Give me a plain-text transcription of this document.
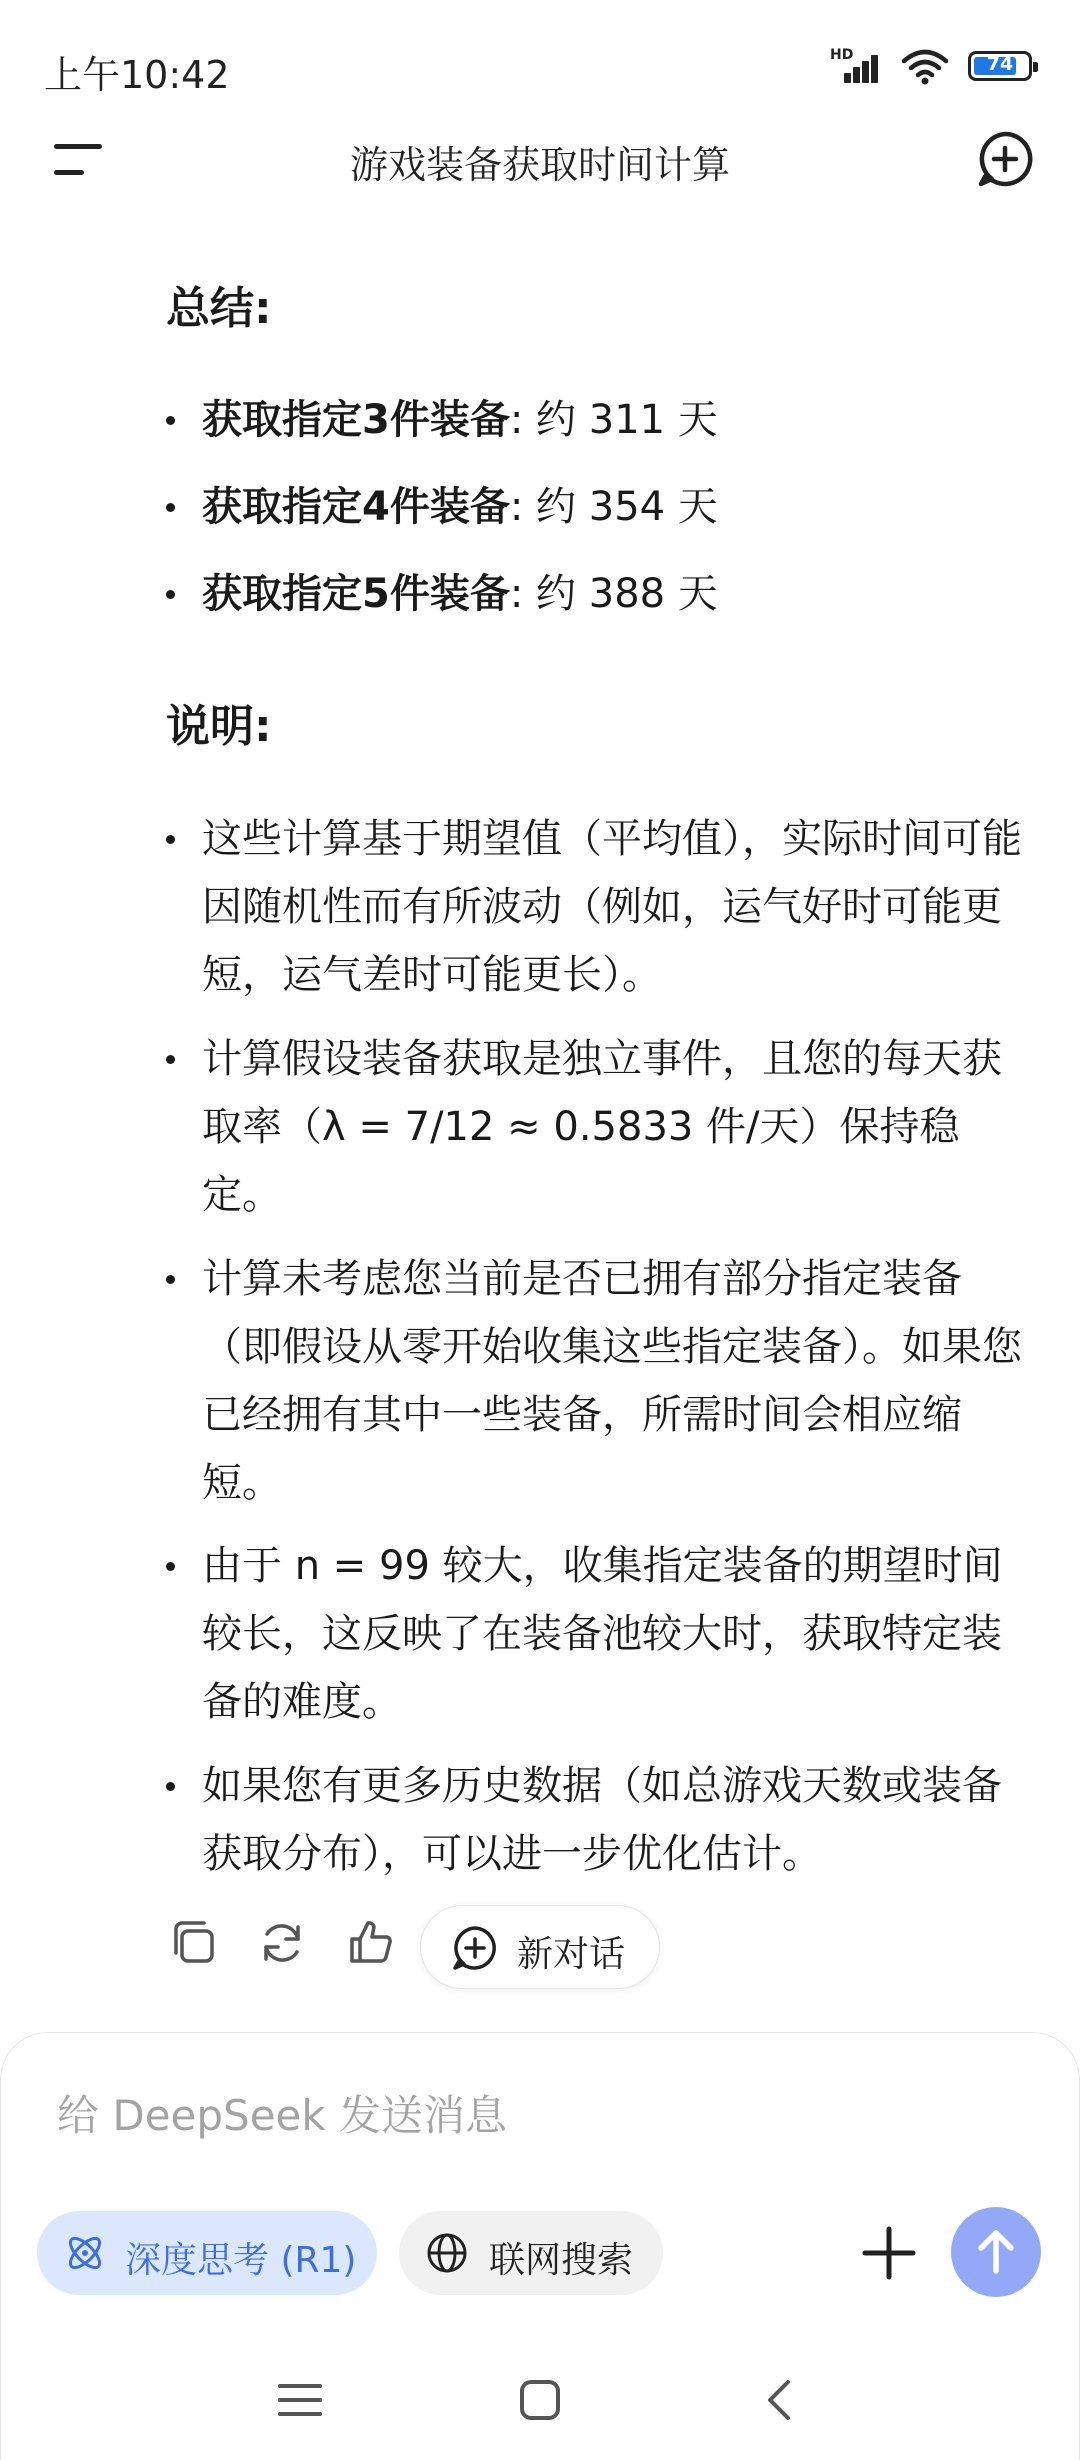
上午10:42	HD	74
游戏装备获取时间计算
总结:
获取指定3件装备: 约 311 天
获取指定4件装备: 约 354 天
获取指定5件装备: 约 388 天
说明:
这些计算基于期望值（平均值），实际时间可能因随机性而有所波动（例如，运气好时可能更短，运气差时可能更长）。
计算假设装备获取是独立事件，且您的每天获取率（λ = 7/12 ≈ 0.5833 件/天）保持稳定。
计算未考虑您当前是否已拥有部分指定装备（即假设从零开始收集这些指定装备）。如果您已经拥有其中一些装备，所需时间会相应缩短。
由于 n = 99 较大，收集指定装备的期望时间较长，这反映了在装备池较大时，获取特定装备的难度。
如果您有更多历史数据（如总游戏天数或装备获取分布），可以进一步优化估计。
新对话
给 DeepSeek 发送消息
深度思考 (R1)	联网搜索
